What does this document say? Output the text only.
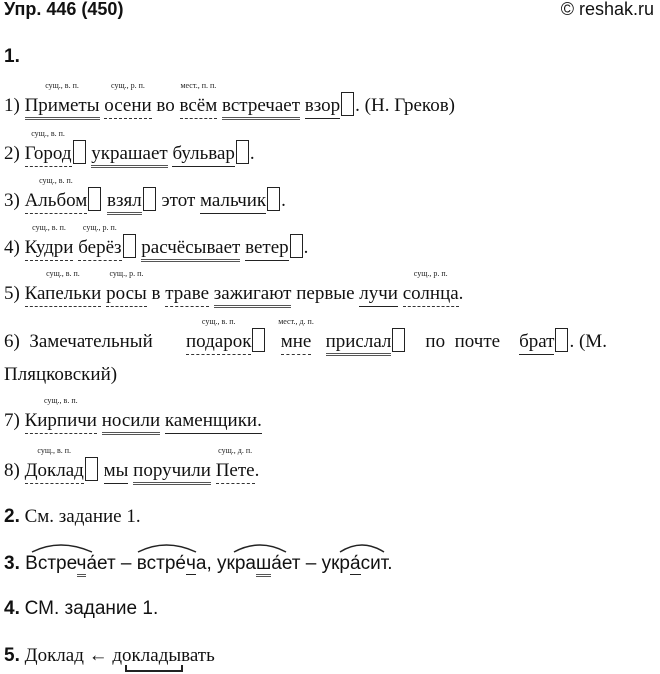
Упр. 446 (450)	© reshak.ru
1.
1)
сущ., в. п.
Приметы
сущ., р. п.
осени во
мест., п. п.
всём встречает взор . (Н. Греков)
2)
сущ., в. п.
Город украшает бульвар .
3)
сущ., в. п.
Альбом взял этот мальчик .
4)
сущ., в. п.
Кудри
сущ., р. п.
берёз расчёсывает ветер .
5)
сущ., в. п.
Капельки
сущ., р. п.
росы в траве зажигают первые лучи
сущ., р. п.
солнца.
6) Замечательный
сущ., в. п.
подарок
мест., д. п.
мне прислал по почте брат . (М.
Пляцковский)
7)
сущ., в. п.
Кирпичи носили каменщики.
8)
сущ., в. п.
Доклад мы поручили
сущ., д. п.
Пете.
2. См. задание 1.
3. Встреча́ет – встре́ча, украша́ет – укра́сит.
4. СМ. задание 1.
5. Доклад ← докладывать
